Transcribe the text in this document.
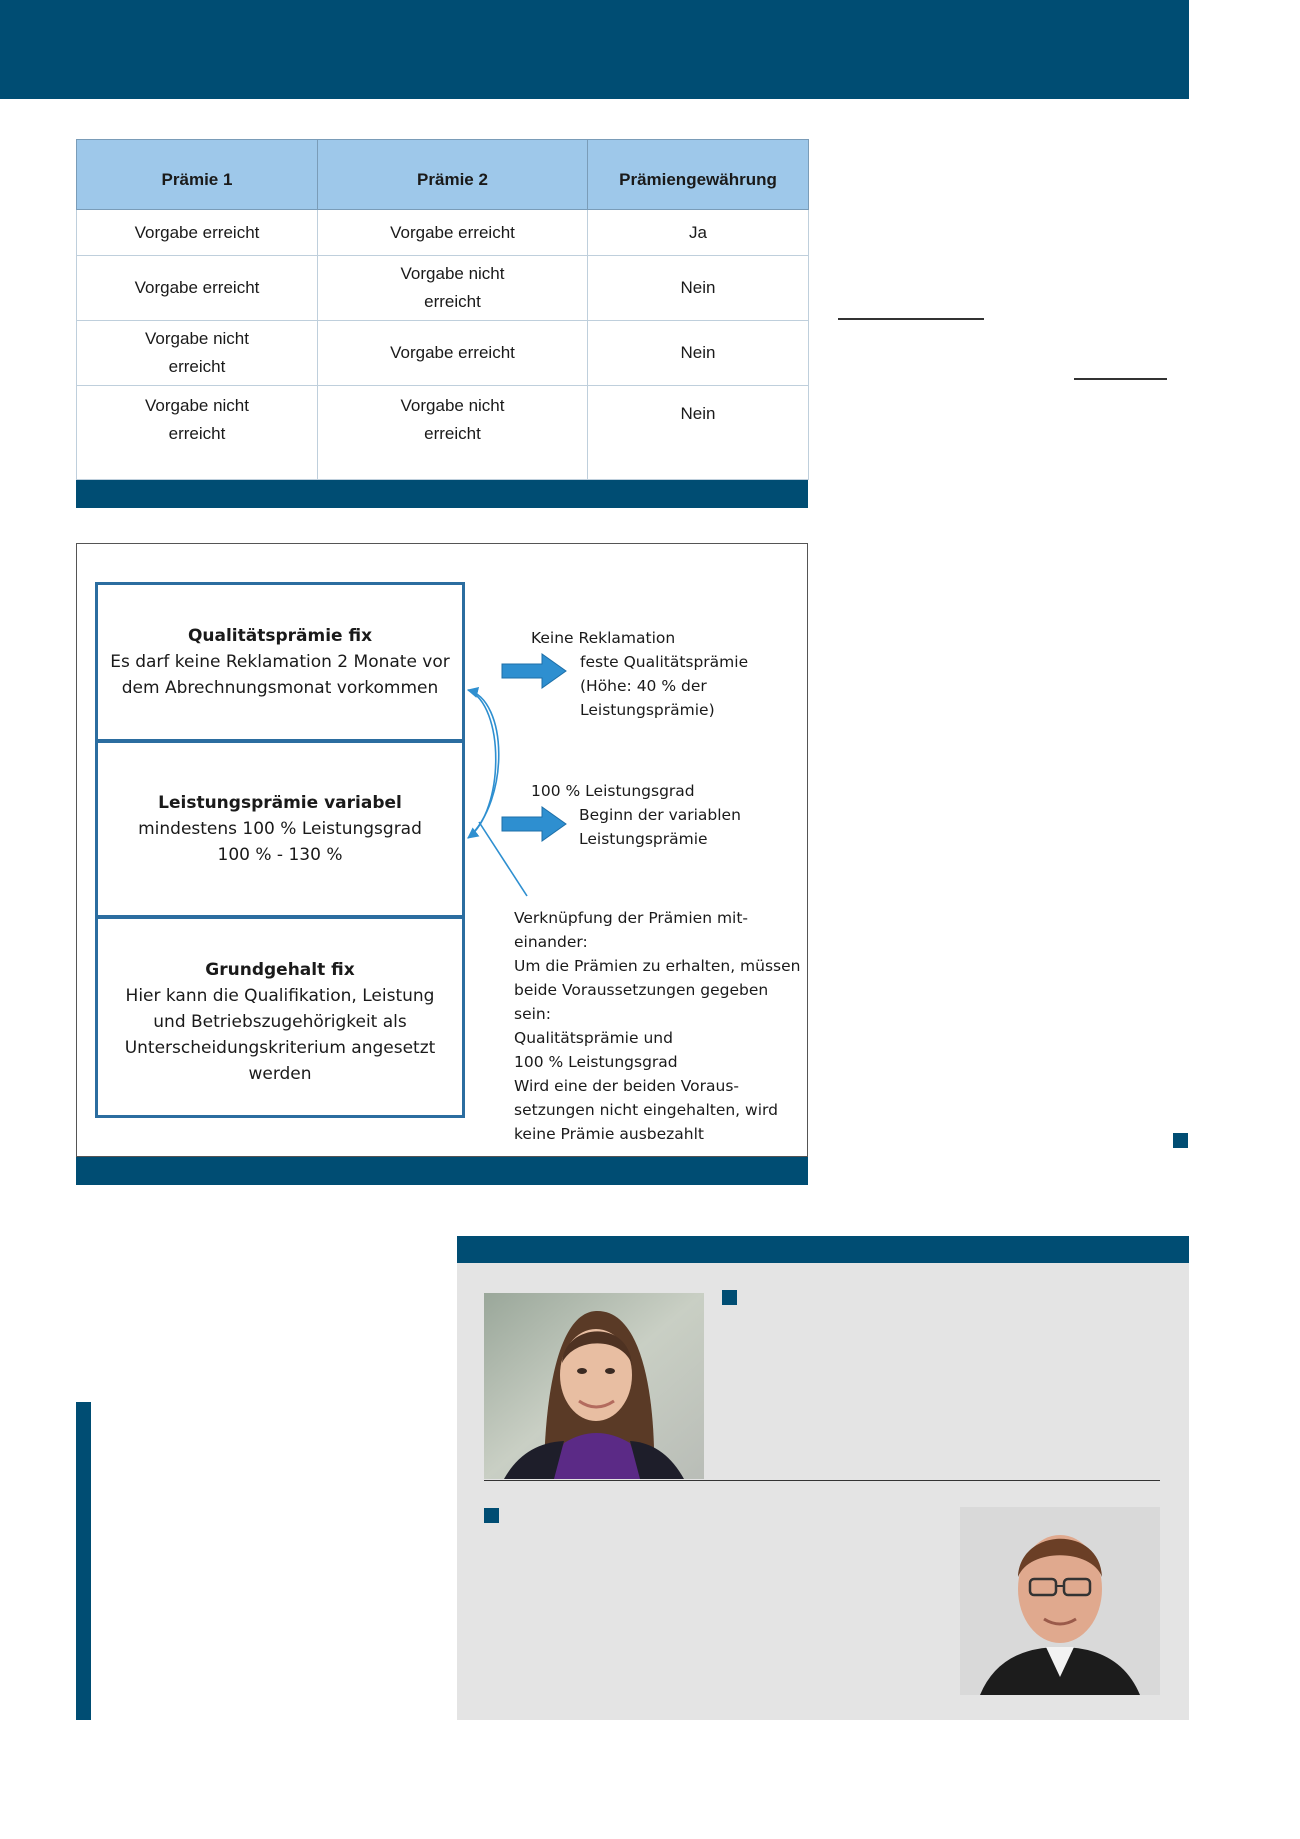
Prämie 1	Prämie 2	Prämiengewährung
Vorgabe erreicht	Vorgabe erreicht	Ja
Vorgabe erreicht	Vorgabe nicht erreicht	Nein

Vorgabe nicht erreicht	Vorgabe erreicht	Nein

Vorgabe nicht erreicht	Vorgabe nicht erreicht	Nein
Qualitätsprämie fix
Es darf keine Reklamation 2 Monate vor
dem Abrechnungsmonat vorkommen
Leistungsprämie variabel
mindestens 100 % Leistungsgrad
100 % - 130 %
Grundgehalt fix
Hier kann die Qualifikation, Leistung
und Betriebszugehörigkeit als
Unterscheidungskriterium angesetzt
werden
Keine Reklamation
feste Qualitätsprämie
(Höhe: 40 % der
Leistungsprämie)
100 % Leistungsgrad
Beginn der variablen
Leistungsprämie
Verknüpfung der Prämien mit-
einander:
Um die Prämien zu erhalten, müssen
beide Voraussetzungen gegeben sein:
Qualitätsprämie und
100 % Leistungsgrad
Wird eine der beiden Voraus-
setzungen nicht eingehalten, wird
keine Prämie ausbezahlt
